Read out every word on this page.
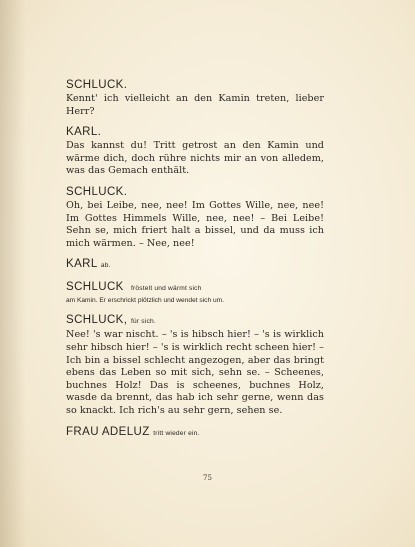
SCHLUCK.

Kennt' ich vielleicht an den Kamin treten, lieber Herr?

KARL.

Das kannst du! Tritt getrost an den Kamin und wärme dich, doch rühre nichts mir an von alledem, was das Gemach enthält.

SCHLUCK.

Oh, bei Leibe, nee, nee! Im Gottes Wille, nee, nee! Im Gottes Himmels Wille, nee, nee! – Bei Leibe! Sehn se, mich friert halt a bissel, und da muss ich mich wärmen. – Nee, nee!

KARL ab.

SCHLUCK fröstelt und wärmt sich

am Kamin. Er erschrickt plötzlich und wendet sich um.

SCHLUCK, für sich.

Nee! 's war nischt. – 's is hibsch hier! – 's is wirklich sehr hibsch hier! – 's is wirklich recht scheen hier! – Ich bin a bissel schlecht angezogen, aber das bringt ebens das Leben so mit sich, sehn se. – Scheenes, buchnes Holz! Das is scheenes, buchnes Holz, wasde da brennt, das hab ich sehr gerne, wenn das so knackt. Ich rich's au sehr gern, sehen se.

FRAU ADELUZ tritt wieder ein.

75
